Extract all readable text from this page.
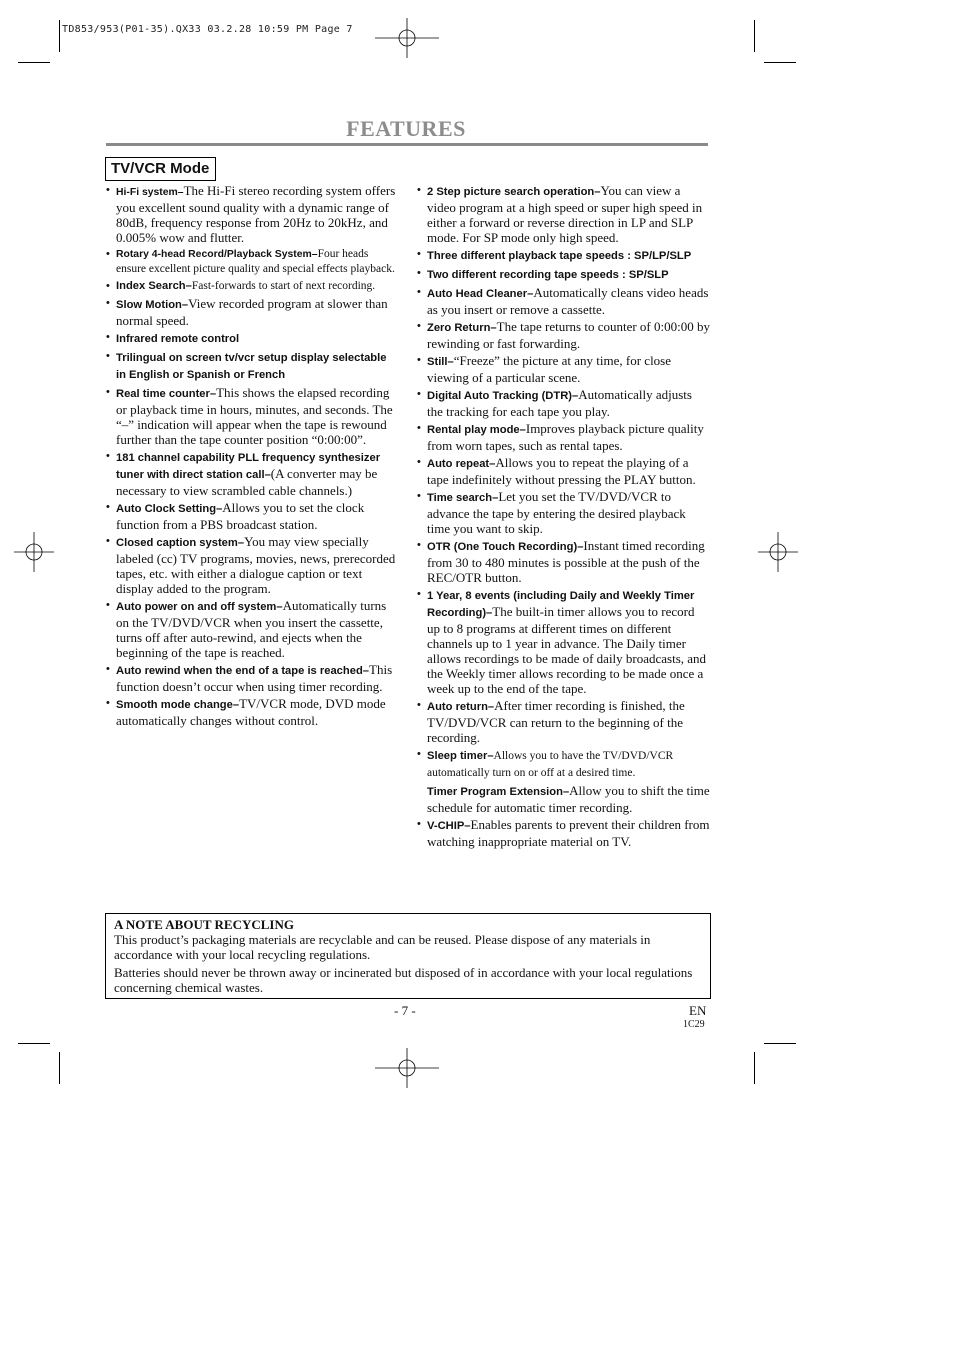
TD853/953(P01-35).QX33 03.2.28 10:59 PM Page 7
FEATURES
TV/VCR Mode
• Hi-Fi system–The Hi-Fi stereo recording system offers you excellent sound quality with a dynamic range of 80dB, frequency response from 20Hz to 20kHz, and 0.005% wow and flutter.
• Rotary 4-head Record/Playback System–Four heads ensure excellent picture quality and special effects playback.
• Index Search–Fast-forwards to start of next recording.
• Slow Motion–View recorded program at slower than normal speed.
• Infrared remote control
• Trilingual on screen tv/vcr setup display selectable in English or Spanish or French
• Real time counter–This shows the elapsed recording or playback time in hours, minutes, and seconds. The “–” indication will appear when the tape is rewound further than the tape counter position “0:00:00”.
• 181 channel capability PLL frequency synthesizer tuner with direct station call–(A converter may be necessary to view scrambled cable channels.)
• Auto Clock Setting–Allows you to set the clock function from a PBS broadcast station.
• Closed caption system–You may view specially labeled (cc) TV programs, movies, news, prerecorded tapes, etc. with either a dialogue caption or text display added to the program.
• Auto power on and off system–Automatically turns on the TV/DVD/VCR when you insert the cassette, turns off after auto-rewind, and ejects when the beginning of the tape is reached.
• Auto rewind when the end of a tape is reached–This function doesn’t occur when using timer recording.
• Smooth mode change–TV/VCR mode, DVD mode automatically changes without control.
• 2 Step picture search operation–You can view a video program at a high speed or super high speed in either a forward or reverse direction in LP and SLP mode. For SP mode only high speed.
• Three different playback tape speeds : SP/LP/SLP
• Two different recording tape speeds : SP/SLP
• Auto Head Cleaner–Automatically cleans video heads as you insert or remove a cassette.
• Zero Return–The tape returns to counter of 0:00:00 by rewinding or fast forwarding.
• Still–“Freeze” the picture at any time, for close viewing of a particular scene.
• Digital Auto Tracking (DTR)–Automatically adjusts the tracking for each tape you play.
• Rental play mode–Improves playback picture quality from worn tapes, such as rental tapes.
• Auto repeat–Allows you to repeat the playing of a tape indefinitely without pressing the PLAY button.
• Time search–Let you set the TV/DVD/VCR to advance the tape by entering the desired playback time you want to skip.
• OTR (One Touch Recording)–Instant timed recording from 30 to 480 minutes is possible at the push of the REC/OTR button.
• 1 Year, 8 events (including Daily and Weekly Timer Recording)–The built-in timer allows you to record up to 8 programs at different times on different channels up to 1 year in advance. The Daily timer allows recordings to be made of daily broadcasts, and the Weekly timer allows recording to be made once a week up to the end of the tape.
• Auto return–After timer recording is finished, the TV/DVD/VCR can return to the beginning of the recording.
• Sleep timer–Allows you to have the TV/DVD/VCR automatically turn on or off at a desired time.
Timer Program Extension–Allow you to shift the time schedule for automatic timer recording.
• V-CHIP–Enables parents to prevent their children from watching inappropriate material on TV.
A NOTE ABOUT RECYCLING

This product’s packaging materials are recyclable and can be reused. Please dispose of any materials in accordance with your local recycling regulations.

Batteries should never be thrown away or incinerated but disposed of in accordance with your local regulations concerning chemical wastes.

- 7 -	EN
1C29
